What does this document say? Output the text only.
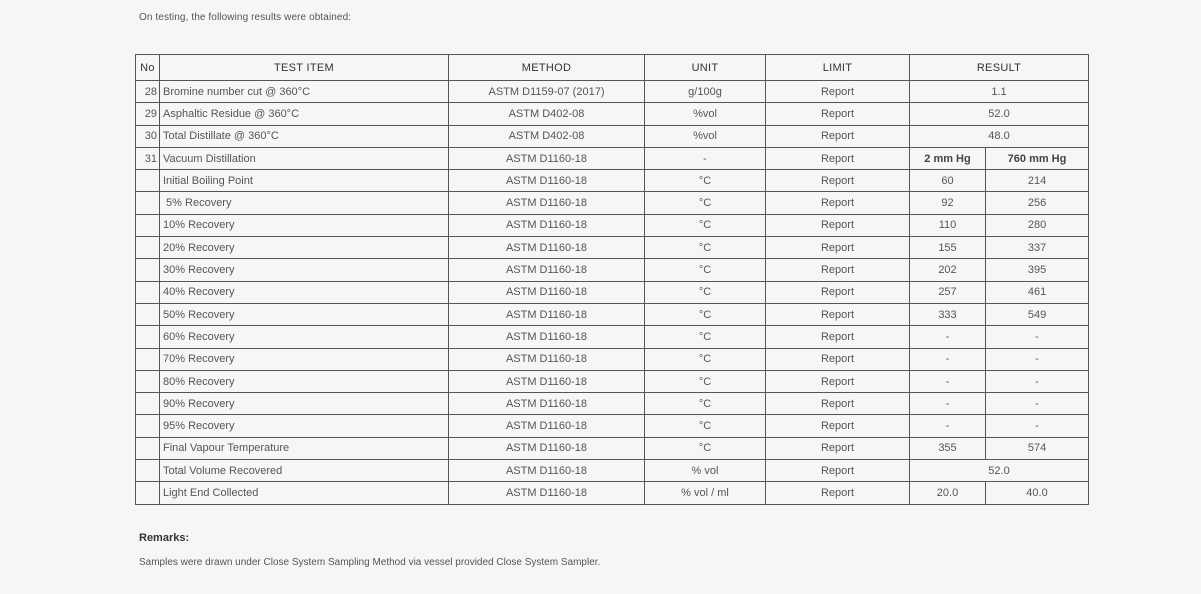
On testing, the following results were obtained:
No	TEST ITEM	METHOD	UNIT	LIMIT	RESULT	
28	Bromine number cut @ 360°C	ASTM D1159-07 (2017)	g/100g	Report	1.1	
29	Asphaltic Residue @ 360°C	ASTM D402-08	%vol	Report	52.0	
30	Total Distillate @ 360°C	ASTM D402-08	%vol	Report	48.0	
31	Vacuum Distillation	ASTM D1160-18	-	Report	2 mm Hg	760 mm Hg
	Initial Boiling Point	ASTM D1160-18	°C	Report	60	214
	5% Recovery	ASTM D1160-18	°C	Report	92	256
	10% Recovery	ASTM D1160-18	°C	Report	110	280
	20% Recovery	ASTM D1160-18	°C	Report	155	337
	30% Recovery	ASTM D1160-18	°C	Report	202	395
	40% Recovery	ASTM D1160-18	°C	Report	257	461
	50% Recovery	ASTM D1160-18	°C	Report	333	549
	60% Recovery	ASTM D1160-18	°C	Report	-	-
	70% Recovery	ASTM D1160-18	°C	Report	-	-
	80% Recovery	ASTM D1160-18	°C	Report	-	-
	90% Recovery	ASTM D1160-18	°C	Report	-	-
	95% Recovery	ASTM D1160-18	°C	Report	-	-
	Final Vapour Temperature	ASTM D1160-18	°C	Report	355	574
	Total Volume Recovered	ASTM D1160-18	% vol	Report	52.0	
	Light End Collected	ASTM D1160-18	% vol / ml	Report	20.0	40.0
Remarks:
Samples were drawn under Close System Sampling Method via vessel provided Close System Sampler.
